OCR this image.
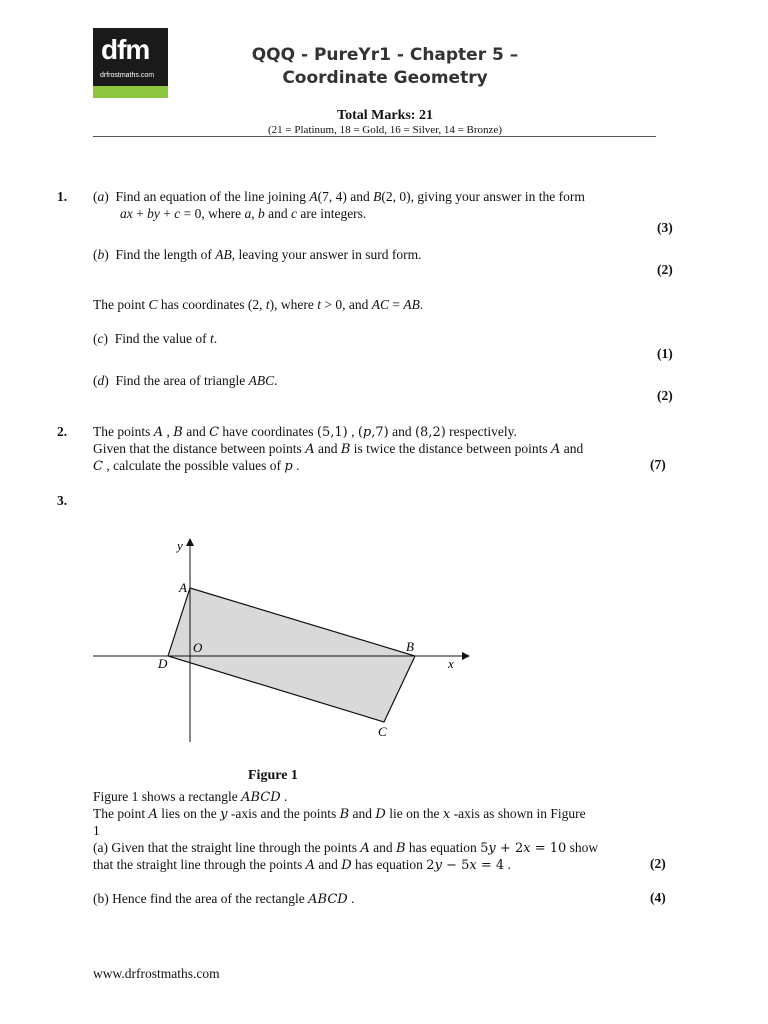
dfm
drfrostmaths.com
QQQ - PureYr1 - Chapter 5 –
Coordinate Geometry
Total Marks: 21
(21 = Platinum, 18 = Gold, 16 = Silver, 14 = Bronze)
1. (a)  Find an equation of the line joining A(7, 4) and B(2, 0), giving your answer in the form
ax + by + c = 0, where a, b and c are integers.
(3)
(b)  Find the length of AB, leaving your answer in surd form.
(2)
The point C has coordinates (2, t), where t > 0, and AC = AB.
(c)  Find the value of t.
(1)
(d)  Find the area of triangle ABC.
(2)
2. The points A , B and C have coordinates (5,1) , (p,7) and (8,2) respectively.
Given that the distance between points A and B is twice the distance between points A and
C , calculate the possible values of p .	(7)
3.
y
x
A
B
C
D
O
Figure 1
Figure 1 shows a rectangle ABCD .
The point A lies on the y -axis and the points B and D lie on the x -axis as shown in Figure
1
(a) Given that the straight line through the points A and B has equation 5y + 2x = 10 show
that the straight line through the points A and D has equation 2y − 5x = 4 .	(2)
(b) Hence find the area of the rectangle ABCD .	(4)
www.drfrostmaths.com
